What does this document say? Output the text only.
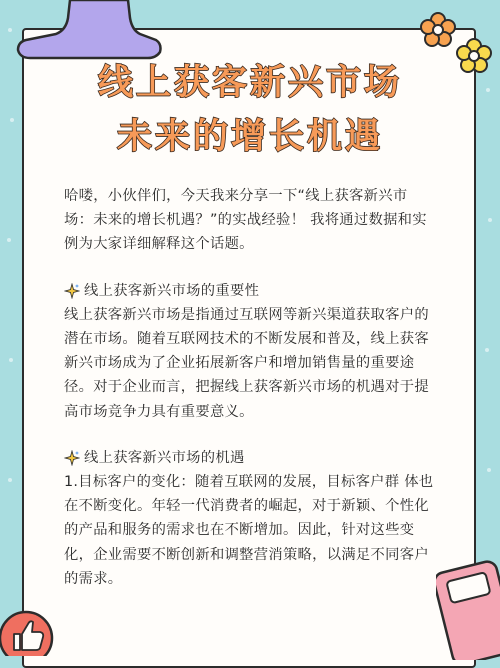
线上获客新兴市场
未来的增长机遇

哈喽，小伙伴们，今天我来分享一下“线上获客新兴市场：未来的增长机遇？”的实战经验！ 我将通过数据和实例为大家详细解释这个话题。

线上获客新兴市场的重要性

线上获客新兴市场是指通过互联网等新兴渠道获取客户的潜在市场。随着互联网技术的不断发展和普及，线上获客新兴市场成为了企业拓展新客户和增加销售量的重要途径。对于企业而言，把握线上获客新兴市场的机遇对于提高市场竞争力具有重要意义。

线上获客新兴市场的机遇

1.目标客户的变化：随着互联网的发展，目标客户群 体也在不断变化。年轻一代消费者的崛起，对于新颖、个性化的产品和服务的需求也在不断增加。因此，针对这些变化，企业需要不断创新和调整营消策略，以满足不同客户的需求。
